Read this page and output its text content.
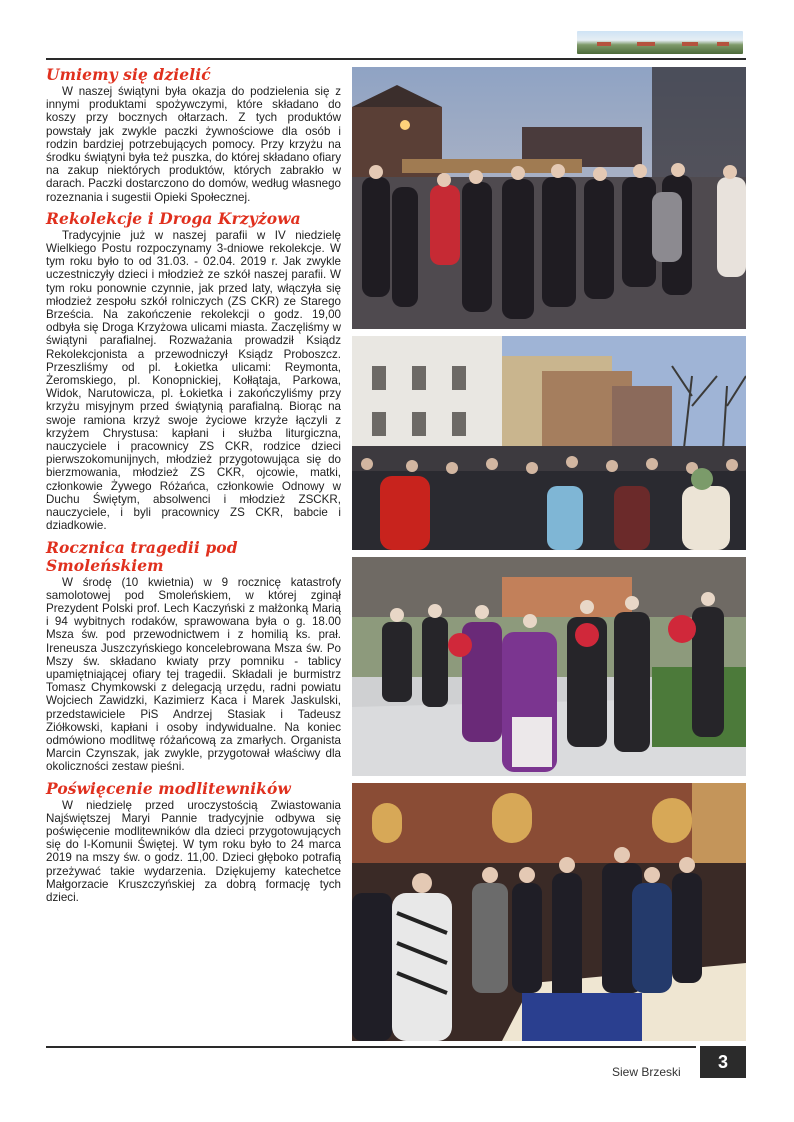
Umiemy się dzielić

W naszej świątyni była okazja do podzielenia się z innymi produktami spożywczymi, które składano do koszy przy bocznych ołtarzach. Z tych produktów powstały jak zwykle paczki żywnościowe dla osób i rodzin bardziej potrzebujących pomocy. Przy krzyżu na środku świątyni była też puszka, do której składano ofiary na zakup niektórych produktów, których zabrakło w darach. Paczki dostarczono do domów, według własnego rozeznania i sugestii Opieki Społecznej.

Rekolekcje i Droga Krzyżowa

Tradycyjnie już w naszej parafii w IV niedzielę Wielkiego Postu rozpoczynamy 3-dniowe rekolekcje. W tym roku było to od 31.03. - 02.04. 2019 r. Jak zwykle uczestniczyły dzieci i młodzież ze szkół naszej parafii. W tym roku ponownie czynnie, jak przed laty, włączyła się młodzież zespołu szkół rolniczych (ZS CKR) ze Starego Brześcia. Na zakończenie rekolekcji o godz. 19,00 odbyła się Droga Krzyżowa ulicami miasta. Zaczęliśmy w świątyni parafialnej. Rozważania prowadził Ksiądz Rekolekcjonista a przewodniczył Ksiądz Proboszcz. Przeszliśmy od pl. Łokietka ulicami: Reymonta, Żeromskiego, pl. Konopnickiej, Kołłątaja, Parkowa, Widok, Narutowicza, pl. Łokietka i zakończyliśmy przy krzyżu misyjnym przed świątynią parafialną. Biorąc na swoje ramiona krzyż swoje życiowe krzyże łączyli z krzyżem Chrystusa: kapłani i służba liturgiczna, nauczyciele i pracownicy ZS CKR, rodzice dzieci pierwszokomunijnych, młodzież przygotowująca się do bierzmowania, młodzież ZS CKR, ojcowie, matki, członkowie Żywego Różańca, członkowie Odnowy w Duchu Świętym, absolwenci i młodzież ZSCKR, nauczyciele, i byli pracownicy ZS CKR, babcie i dziadkowie.

Rocznica tragedii pod Smoleńskiem

W środę (10 kwietnia) w 9 rocznicę katastrofy samolotowej pod Smoleńskiem, w której zginął Prezydent Polski prof. Lech Kaczyński z małżonką Marią i 94 wybitnych rodaków, sprawowana była o g. 18.00 Msza św. pod przewodnictwem i z homilią ks. prał. Ireneusza Juszczyńskiego koncelebrowana Msza św. Po Mszy św. składano kwiaty przy pomniku - tablicy upamiętniającej ofiary tej tragedii. Składali je burmistrz Tomasz Chymkowski z delegacją urzędu, radni powiatu Wojciech Zawidzki, Kazimierz Kaca i Marek Jaskulski, przedstawiciele PiS Andrzej Stasiak i Tadeusz Ziółkowski, kapłani i osoby indywidualne. Na koniec odmówiono modlitwę różańcową za zmarłych. Organista Marcin Czynszak, jak zwykle, przygotował właściwy dla okoliczności zestaw pieśni.

Poświęcenie modlitewników

W niedzielę przed uroczystością Zwiastowania Najświętszej Maryi Pannie tradycyjnie odbywa się poświęcenie modlitewników dla dzieci przygotowujących się do I-Komunii Świętej. W tym roku było to 24 marca 2019 na mszy św. o godz. 11,00. Dzieci głęboko potrafią przeżywać takie wydarzenia. Dziękujemy katechetce Małgorzacie Kruszczyńskiej za dobrą formację tych dzieci.

Siew Brzeski
3
